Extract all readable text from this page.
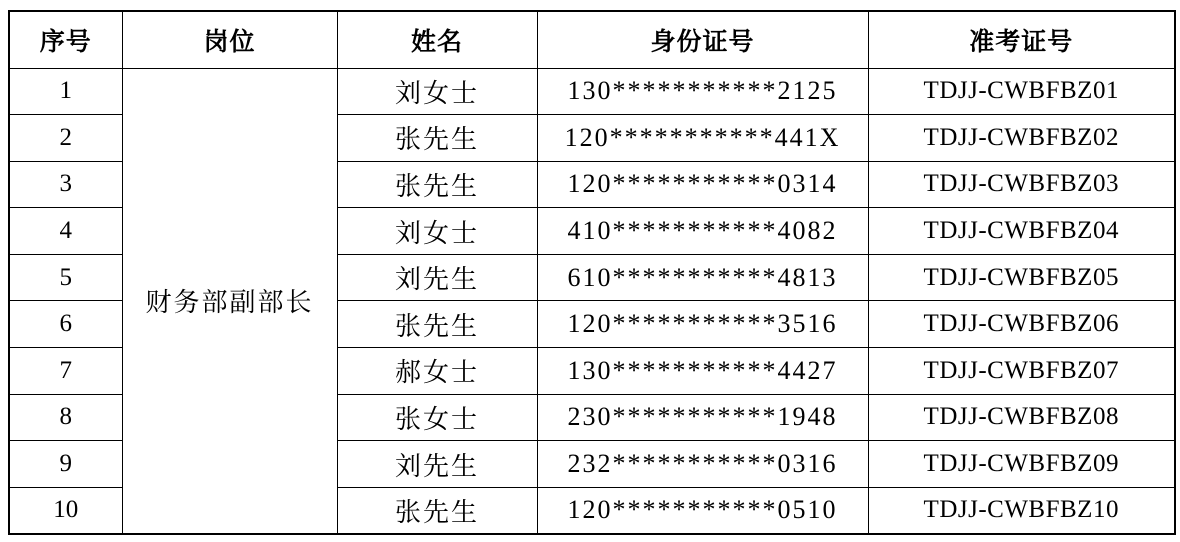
序号	岗位	姓名	身份证号	准考证号
1	财务部副部长	刘女士	130***********2125	TDJJ-CWBFBZ01
2		张先生	120***********441X	TDJJ-CWBFBZ02
3		张先生	120***********0314	TDJJ-CWBFBZ03
4		刘女士	410***********4082	TDJJ-CWBFBZ04
5		刘先生	610***********4813	TDJJ-CWBFBZ05
6		张先生	120***********3516	TDJJ-CWBFBZ06
7		郝女士	130***********4427	TDJJ-CWBFBZ07
8		张女士	230***********1948	TDJJ-CWBFBZ08
9		刘先生	232***********0316	TDJJ-CWBFBZ09
10		张先生	120***********0510	TDJJ-CWBFBZ10
